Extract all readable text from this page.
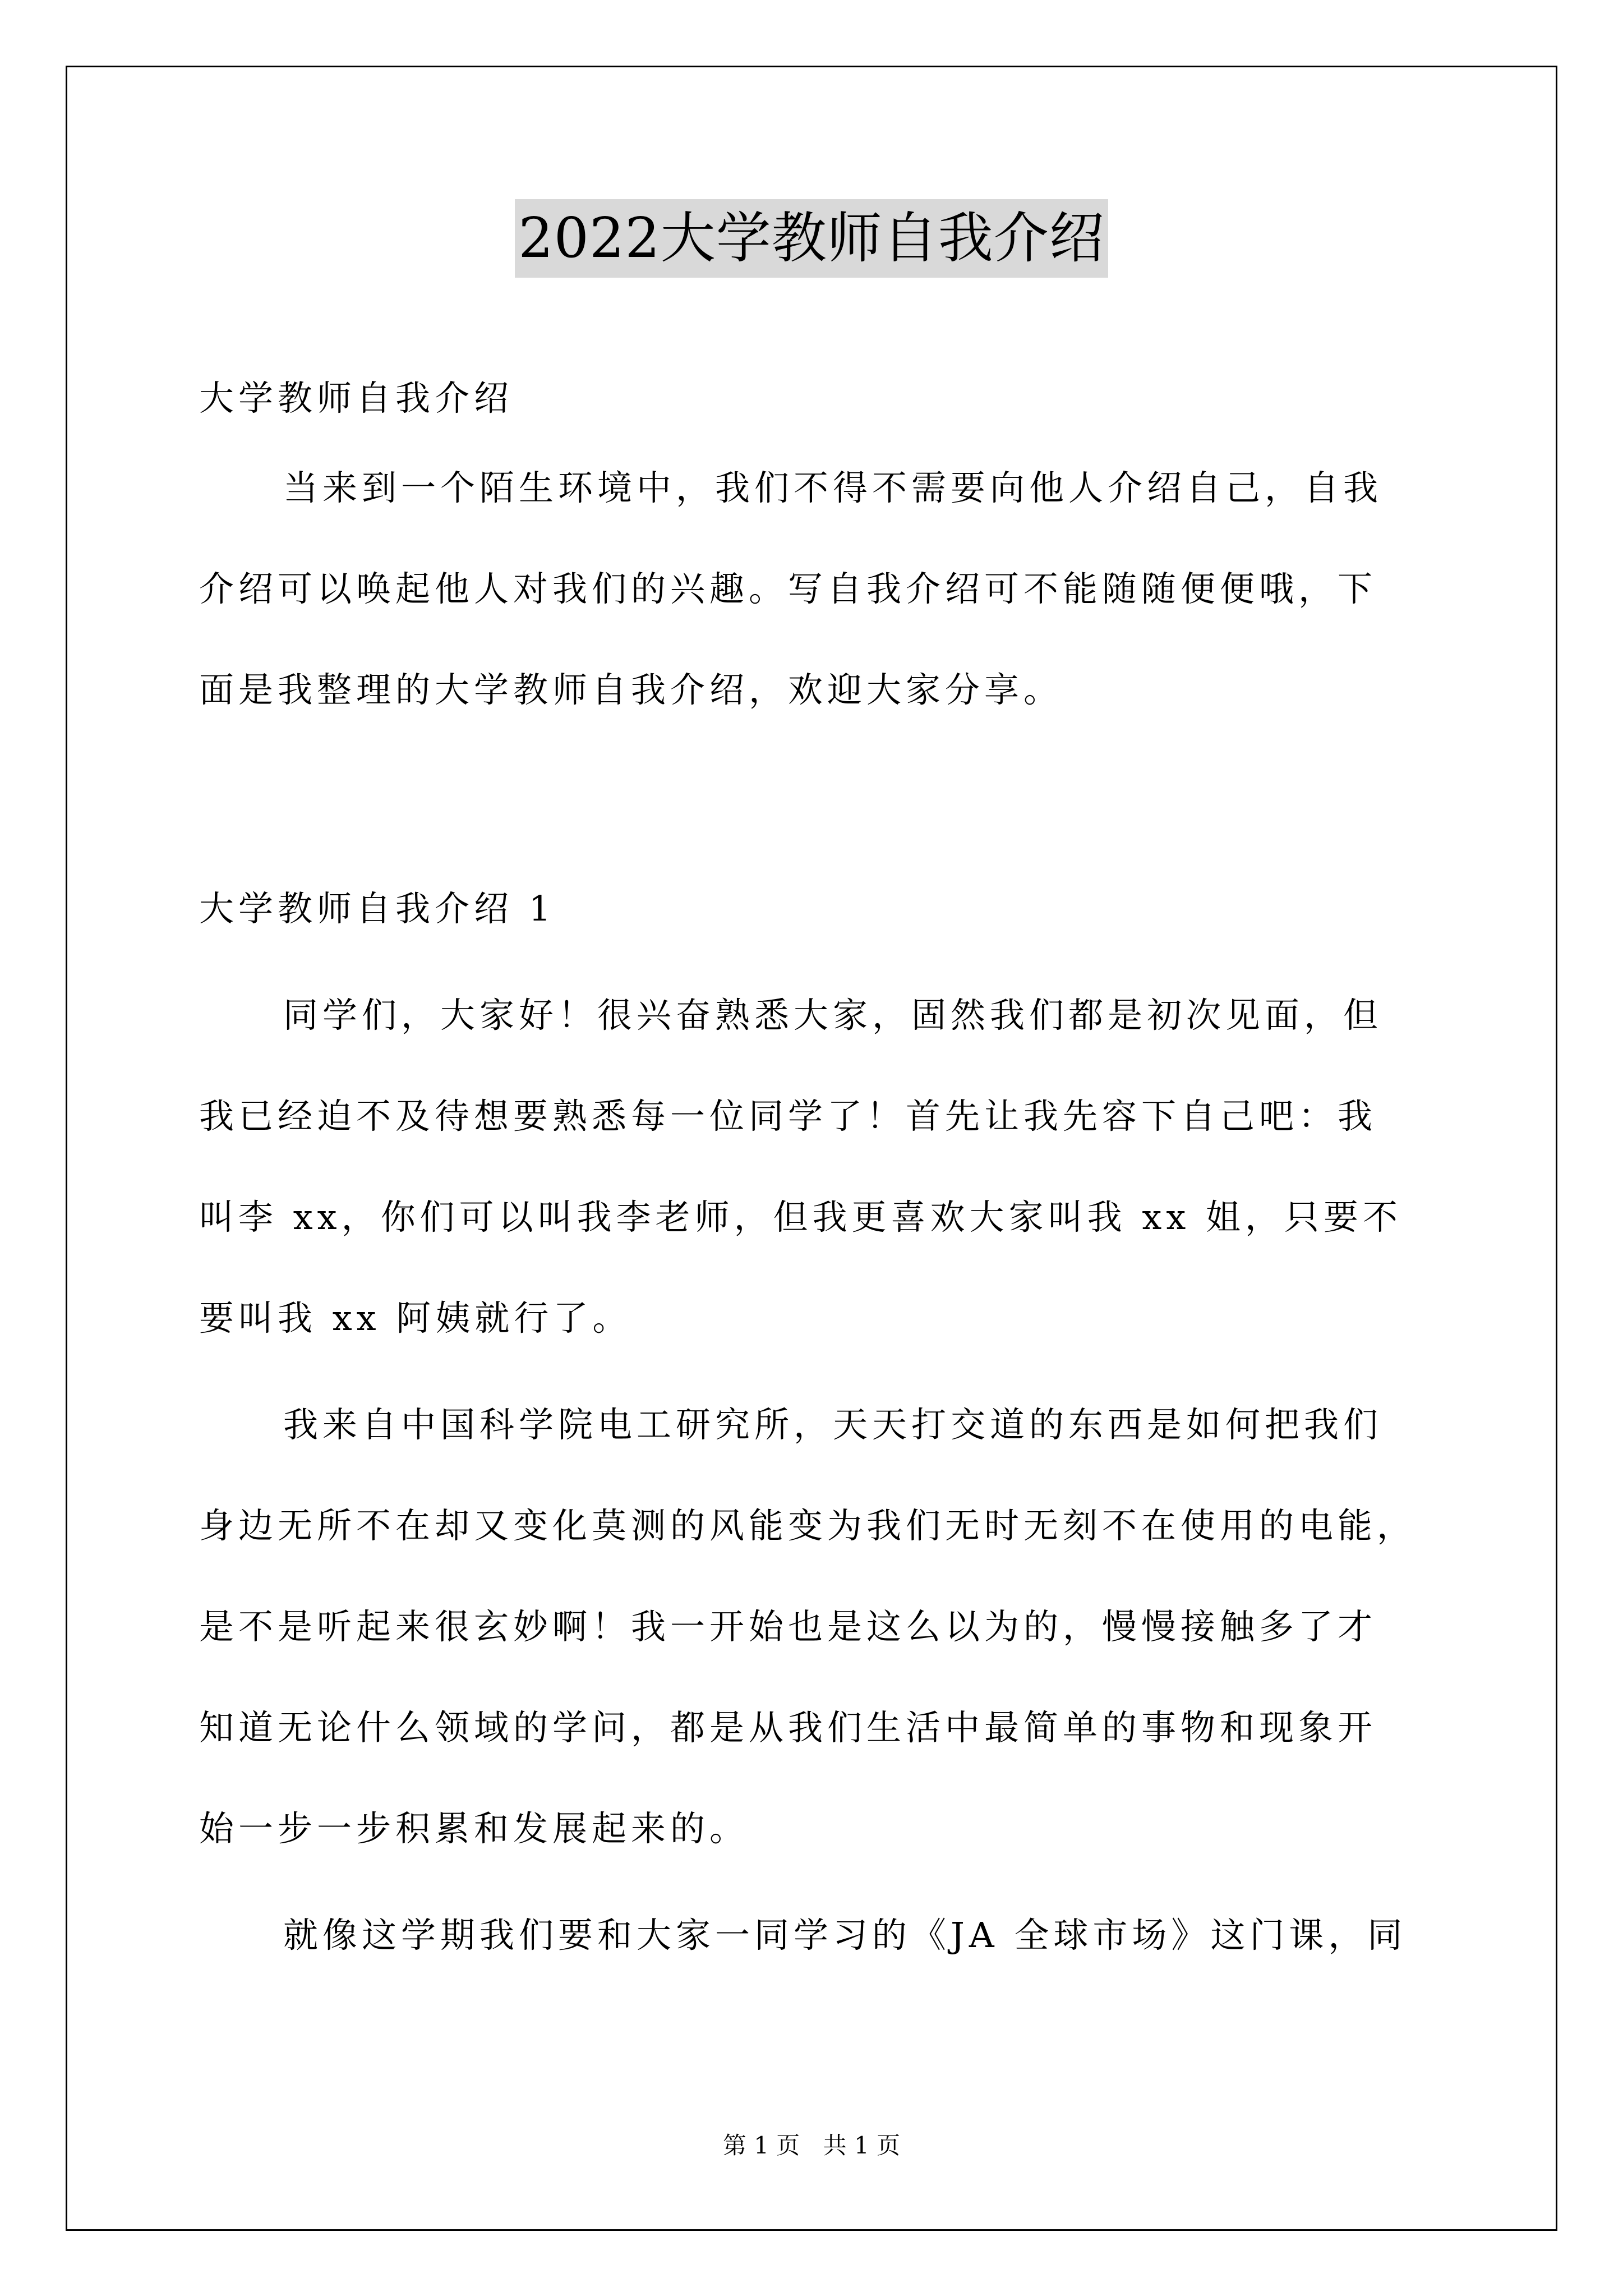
2022大学教师自我介绍
大学教师自我介绍
当来到一个陌生环境中，我们不得不需要向他人介绍自己，自我
介绍可以唤起他人对我们的兴趣。写自我介绍可不能随随便便哦，下
面是我整理的大学教师自我介绍，欢迎大家分享。
大学教师自我介绍 1
同学们，大家好！很兴奋熟悉大家，固然我们都是初次见面，但
我已经迫不及待想要熟悉每一位同学了！首先让我先容下自己吧：我
叫李 xx，你们可以叫我李老师，但我更喜欢大家叫我 xx 姐，只要不
要叫我 xx 阿姨就行了。
我来自中国科学院电工研究所，天天打交道的东西是如何把我们
身边无所不在却又变化莫测的风能变为我们无时无刻不在使用的电能，
是不是听起来很玄妙啊！我一开始也是这么以为的，慢慢接触多了才
知道无论什么领域的学问，都是从我们生活中最简单的事物和现象开
始一步一步积累和发展起来的。
就像这学期我们要和大家一同学习的《JA 全球市场》这门课，同
第 1 页 共 1 页
